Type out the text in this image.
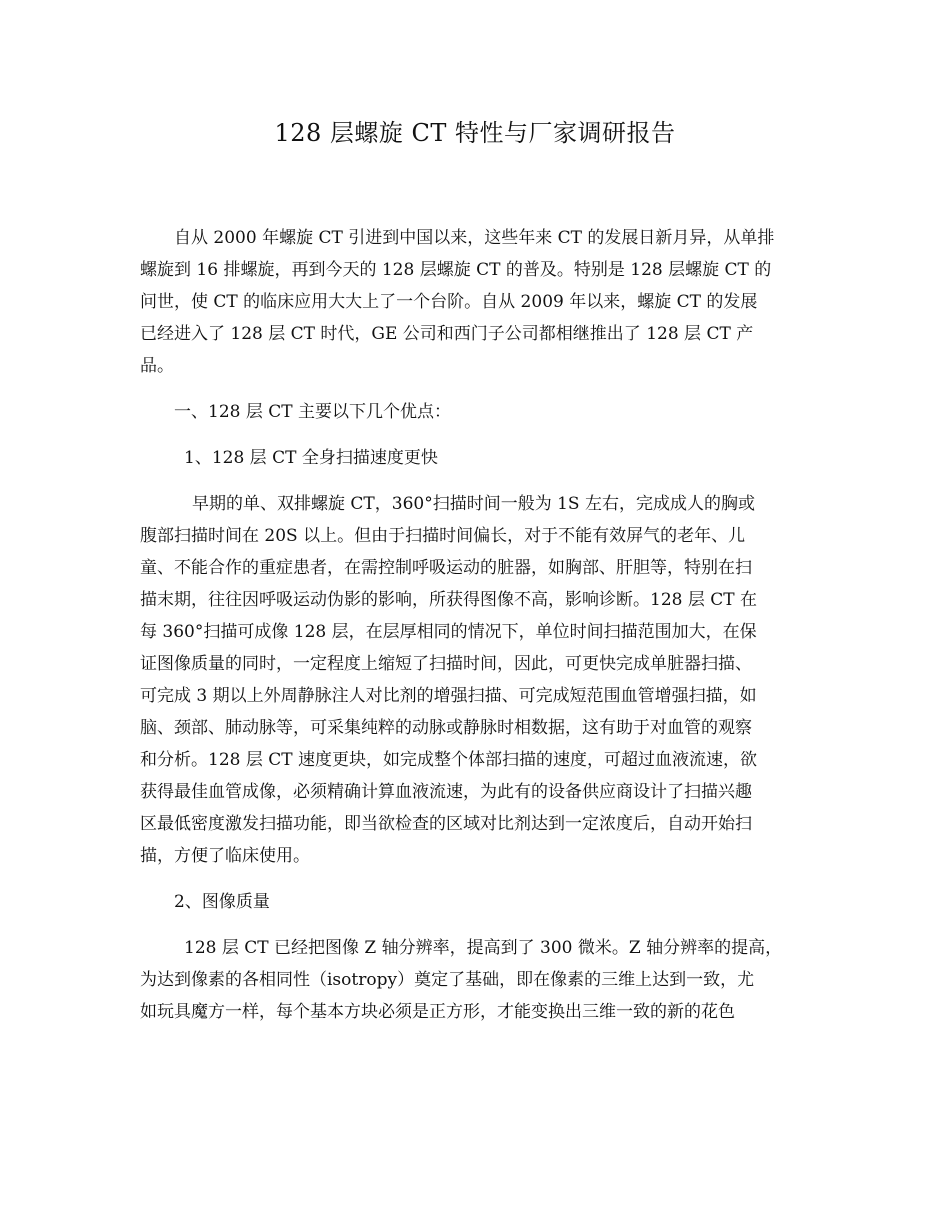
128 层螺旋 CT 特性与厂家调研报告
自从 2000 年螺旋 CT 引进到中国以来，这些年来 CT 的发展日新月异，从单排
螺旋到 16 排螺旋，再到今天的 128 层螺旋 CT 的普及。特别是 128 层螺旋 CT 的
问世，使 CT 的临床应用大大上了一个台阶。自从 2009 年以来，螺旋 CT 的发展
已经进入了 128 层 CT 时代，GE 公司和西门子公司都相继推出了 128 层 CT 产
品。
一、128 层 CT 主要以下几个优点：
1、128 层 CT 全身扫描速度更快
早期的单、双排螺旋 CT，360°扫描时间一般为 1S 左右，完成成人的胸或
腹部扫描时间在 20S 以上。但由于扫描时间偏长，对于不能有效屏气的老年、儿
童、不能合作的重症患者，在需控制呼吸运动的脏器，如胸部、肝胆等，特别在扫
描末期，往往因呼吸运动伪影的影响，所获得图像不高，影响诊断。128 层 CT 在
每 360°扫描可成像 128 层，在层厚相同的情况下，单位时间扫描范围加大，在保
证图像质量的同时，一定程度上缩短了扫描时间，因此，可更快完成单脏器扫描、
可完成 3 期以上外周静脉注人对比剂的增强扫描、可完成短范围血管增强扫描，如
脑、颈部、肺动脉等，可采集纯粹的动脉或静脉时相数据，这有助于对血管的观察
和分析。128 层 CT 速度更块，如完成整个体部扫描的速度，可超过血液流速，欲
获得最佳血管成像，必须精确计算血液流速，为此有的设备供应商设计了扫描兴趣
区最低密度激发扫描功能，即当欲检查的区域对比剂达到一定浓度后，自动开始扫
描，方便了临床使用。
2、图像质量
128 层 CT 已经把图像 Z 轴分辨率，提高到了 300 微米。Z 轴分辨率的提高，
为达到像素的各相同性（isotropy）奠定了基础，即在像素的三维上达到一致，尤
如玩具魔方一样，每个基本方块必须是正方形，才能变换出三维一致的新的花色
